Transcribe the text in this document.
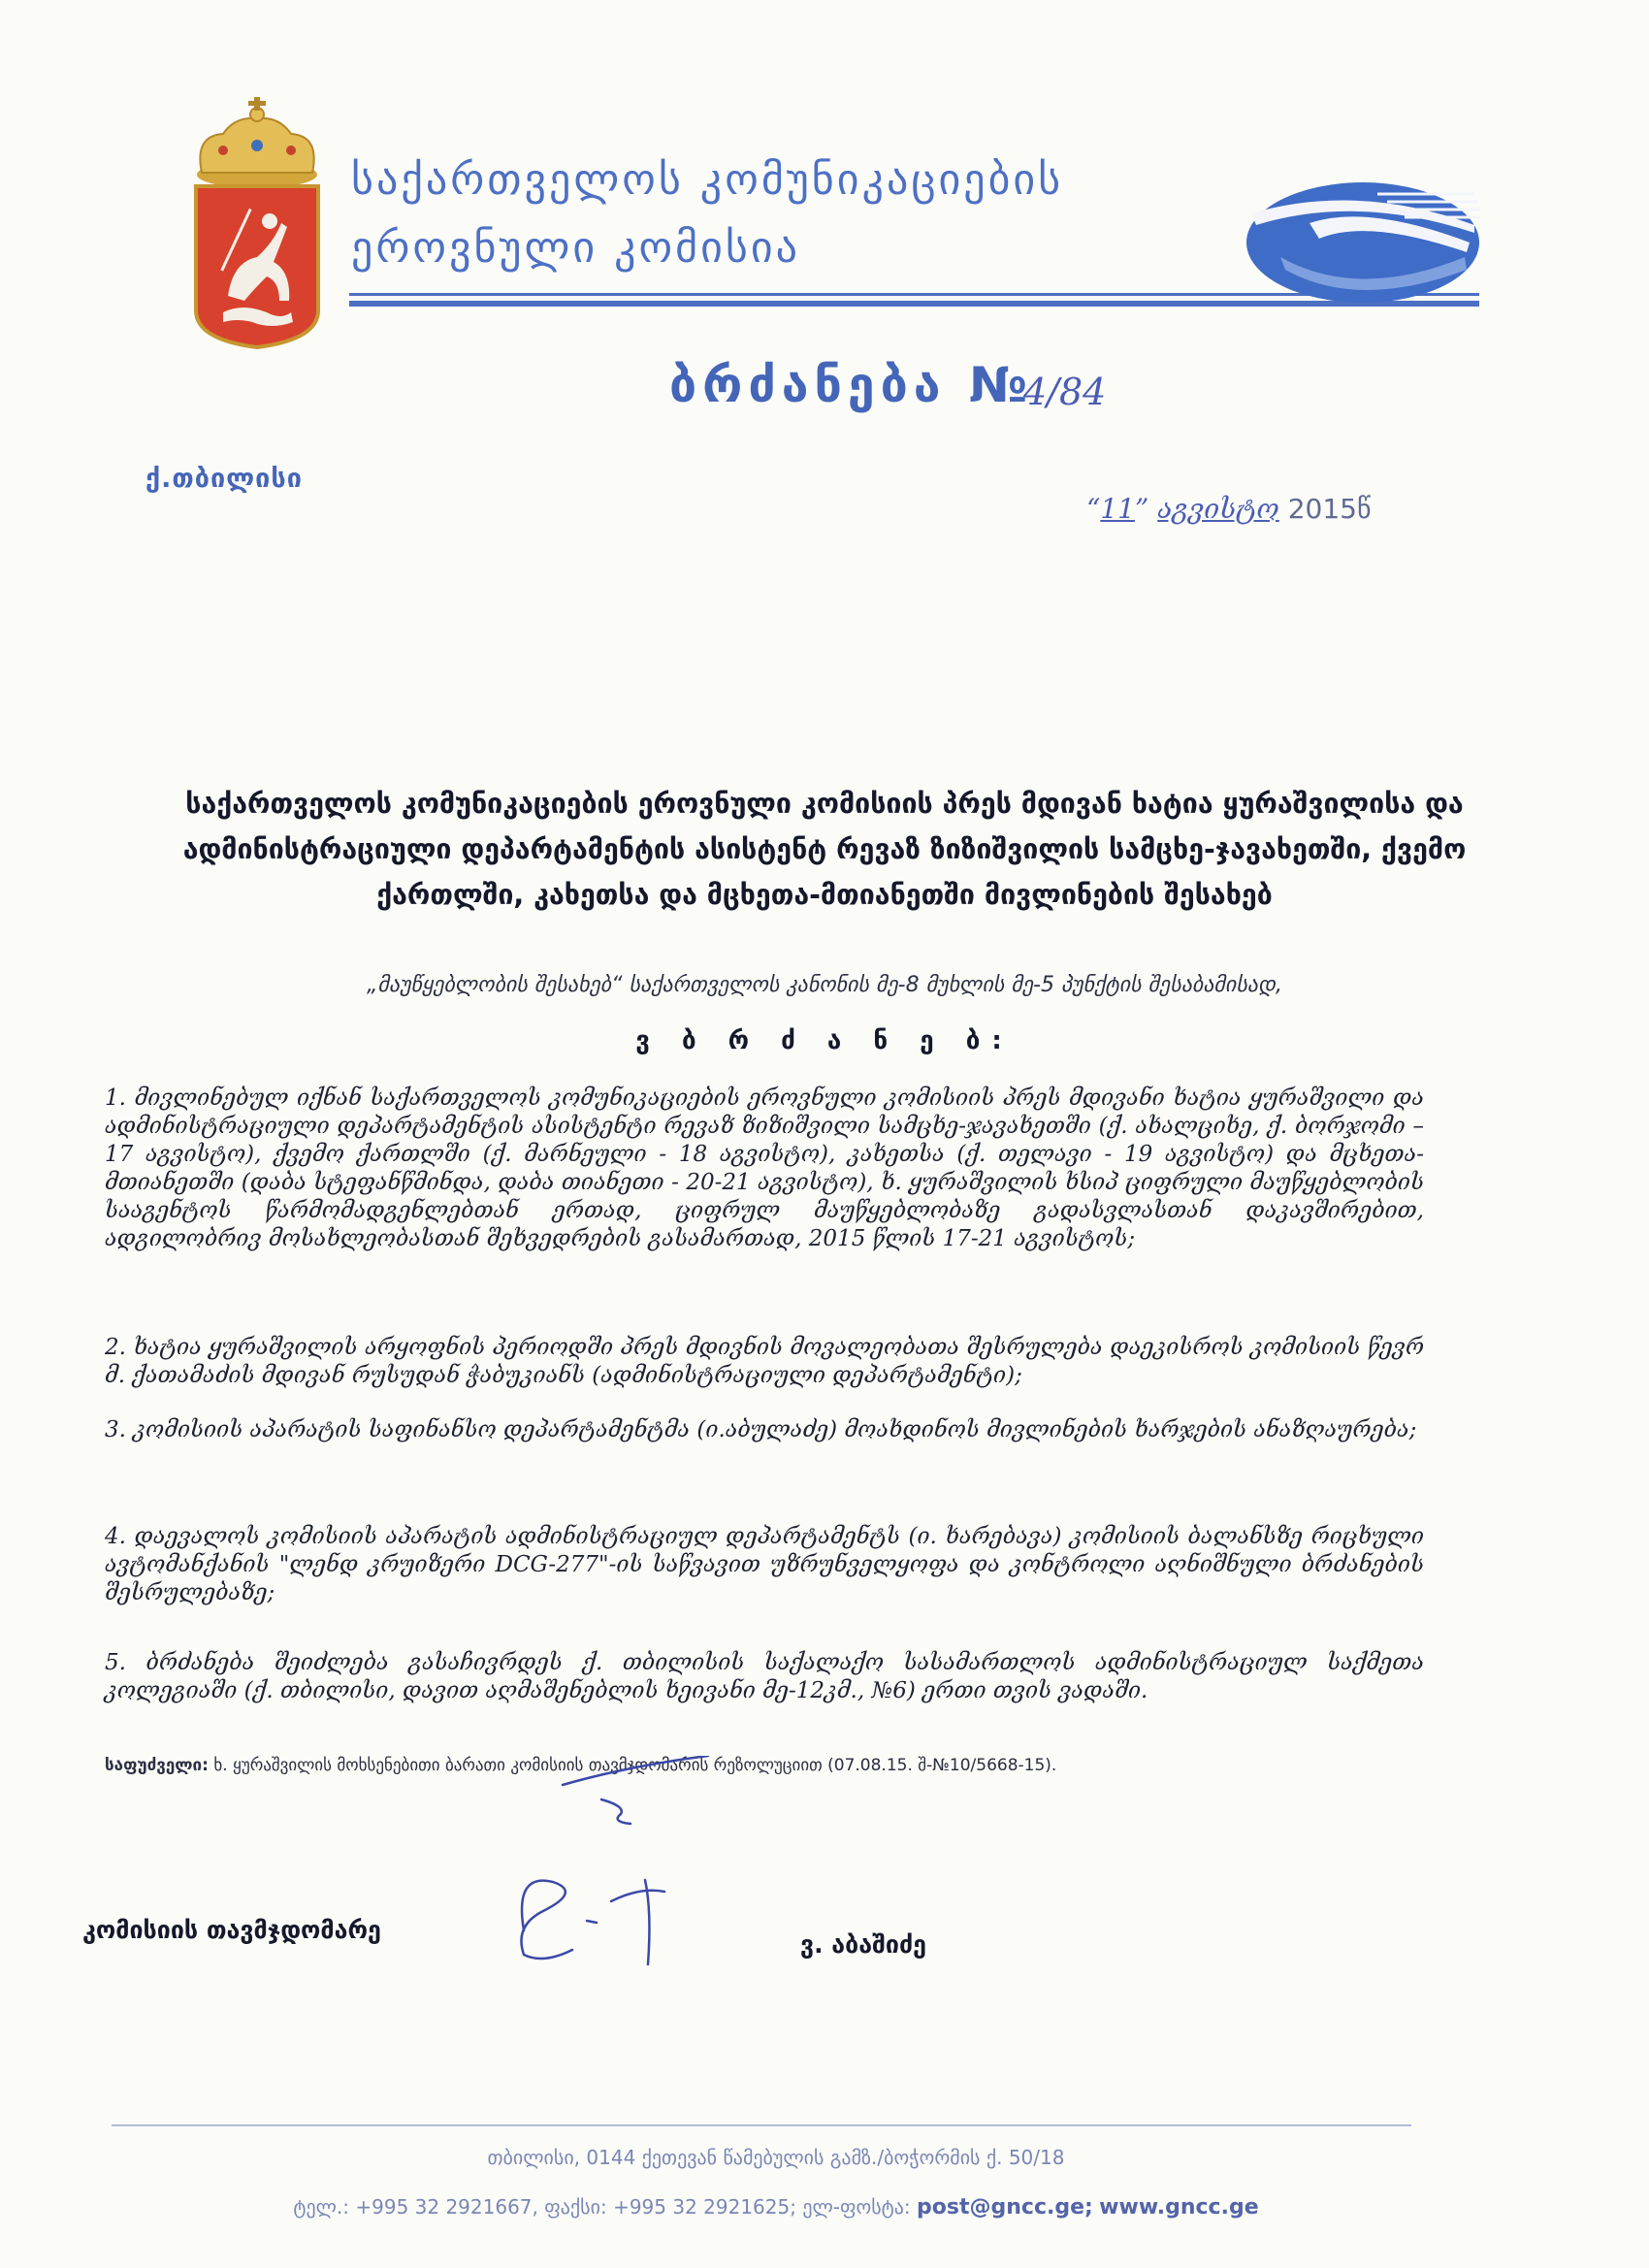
საქართველოს კომუნიკაციების
ეროვნული კომისია
ბრძანება №
4/84
ქ.თბილისი
“11” აგვისტო 2015წ
საქართველოს კომუნიკაციების ეროვნული კომისიის პრეს მდივან ხატია ყურაშვილისა და
ადმინისტრაციული დეპარტამენტის ასისტენტ რევაზ ზიზიშვილის სამცხე-ჯავახეთში, ქვემო
ქართლში, კახეთსა და მცხეთა-მთიანეთში მივლინების შესახებ
„მაუწყებლობის შესახებ“ საქართველოს კანონის მე-8 მუხლის მე-5 პუნქტის შესაბამისად,
ვ ბ რ ძ ა ნ ე ბ:
1. მივლინებულ იქნან საქართველოს კომუნიკაციების ეროვნული კომისიის პრეს მდივანი ხატია ყურაშვილი და ადმინისტრაციული დეპარტამენტის ასისტენტი რევაზ ზიზიშვილი სამცხე-ჯავახეთში (ქ. ახალციხე, ქ. ბორჯომი – 17 აგვისტო), ქვემო ქართლში (ქ. მარნეული - 18 აგვისტო), კახეთსა (ქ. თელავი - 19 აგვისტო) და მცხეთა-მთიანეთში (დაბა სტეფანწმინდა, დაბა თიანეთი - 20-21 აგვისტო), ხ. ყურაშვილის ხსიპ ციფრული მაუწყებლობის სააგენტოს წარმომადგენლებთან ერთად, ციფრულ მაუწყებლობაზე გადასვლასთან დაკავშირებით, ადგილობრივ მოსახლეობასთან შეხვედრების გასამართად, 2015 წლის 17-21 აგვისტოს;
2. ხატია ყურაშვილის არყოფნის პერიოდში პრეს მდივნის მოვალეობათა შესრულება დაეკისროს კომისიის წევრ მ. ქათამაძის მდივან რუსუდან ჭაბუკიანს (ადმინისტრაციული დეპარტამენტი);
3. კომისიის აპარატის საფინანსო დეპარტამენტმა (ი.აბულაძე) მოახდინოს მივლინების ხარჯების ანაზღაურება;
4. დაევალოს კომისიის აპარატის ადმინისტრაციულ დეპარტამენტს (ი. ხარებავა) კომისიის ბალანსზე რიცხული ავტომანქანის "ლენდ კრუიზერი DCG-277"-ის საწვავით უზრუნველყოფა და კონტროლი აღნიშნული ბრძანების შესრულებაზე;
5. ბრძანება შეიძლება გასაჩივრდეს ქ. თბილისის საქალაქო სასამართლოს ადმინისტრაციულ საქმეთა კოლეგიაში (ქ. თბილისი, დავით აღმაშენებლის ხეივანი მე-12კმ., №6) ერთი თვის ვადაში.
საფუძველი: ხ. ყურაშვილის მოხსენებითი ბარათი კომისიის თავმჯდომარის რეზოლუციით (07.08.15. შ-№10/5668-15).
კომისიის თავმჯდომარე
ვ. აბაშიძე
თბილისი, 0144 ქეთევან წამებულის გამზ./ბოჭორმის ქ. 50/18
ტელ.: +995 32 2921667, ფაქსი: +995 32 2921625; ელ-ფოსტა: post@gncc.ge; www.gncc.ge
